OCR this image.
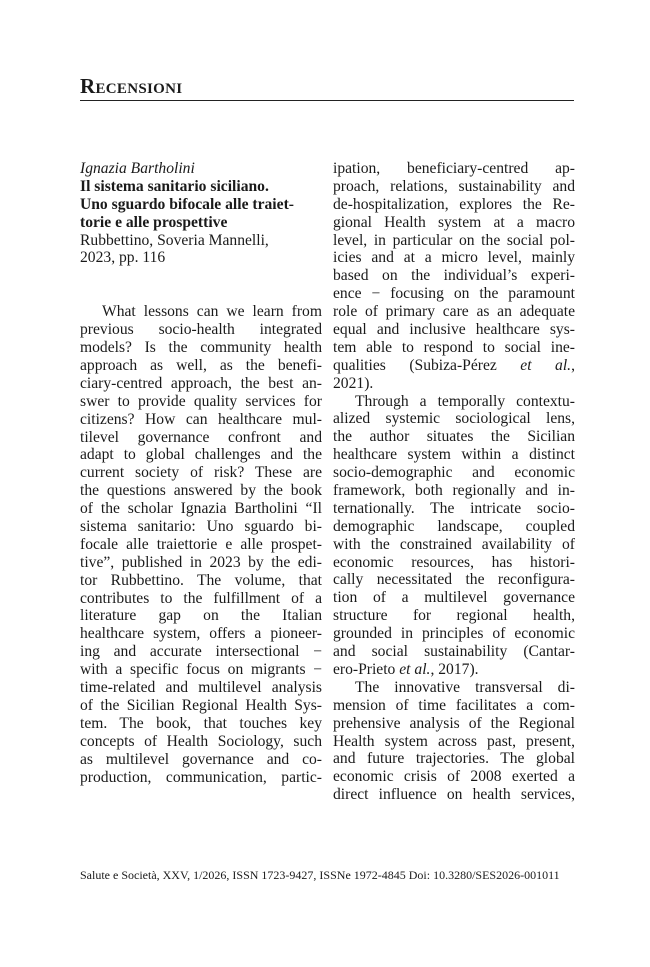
Recensioni
Ignazia Bartholini
Il sistema sanitario siciliano.
Uno sguardo bifocale alle traiet-
torie e alle prospettive
Rubbettino, Soveria Mannelli,
2023, pp. 116
What lessons can we learn from
previous socio-health integrated
models? Is the community health
approach as well, as the benefi-
ciary-centred approach, the best an-
swer to provide quality services for
citizens? How can healthcare mul-
tilevel governance confront and
adapt to global challenges and the
current society of risk? These are
the questions answered by the book
of the scholar Ignazia Bartholini “Il
sistema sanitario: Uno sguardo bi-
focale alle traiettorie e alle prospet-
tive”, published in 2023 by the edi-
tor Rubbettino. The volume, that
contributes to the fulfillment of a
literature gap on the Italian
healthcare system, offers a pioneer-
ing and accurate intersectional −
with a specific focus on migrants −
time-related and multilevel analysis
of the Sicilian Regional Health Sys-
tem. The book, that touches key
concepts of Health Sociology, such
as multilevel governance and co-
production, communication, partic-
ipation, beneficiary-centred ap-
proach, relations, sustainability and
de-hospitalization, explores the Re-
gional Health system at a macro
level, in particular on the social pol-
icies and at a micro level, mainly
based on the individual’s experi-
ence − focusing on the paramount
role of primary care as an adequate
equal and inclusive healthcare sys-
tem able to respond to social ine-
qualities (Subiza-Pérez et al.,
2021).
Through a temporally contextu-
alized systemic sociological lens,
the author situates the Sicilian
healthcare system within a distinct
socio-demographic and economic
framework, both regionally and in-
ternationally. The intricate socio-
demographic landscape, coupled
with the constrained availability of
economic resources, has histori-
cally necessitated the reconfigura-
tion of a multilevel governance
structure for regional health,
grounded in principles of economic
and social sustainability (Cantar-
ero-Prieto et al., 2017).
The innovative transversal di-
mension of time facilitates a com-
prehensive analysis of the Regional
Health system across past, present,
and future trajectories. The global
economic crisis of 2008 exerted a
direct influence on health services,
Salute e Società, XXV, 1/2026, ISSN 1723-9427, ISSNe 1972-4845 Doi: 10.3280/SES2026-001011
